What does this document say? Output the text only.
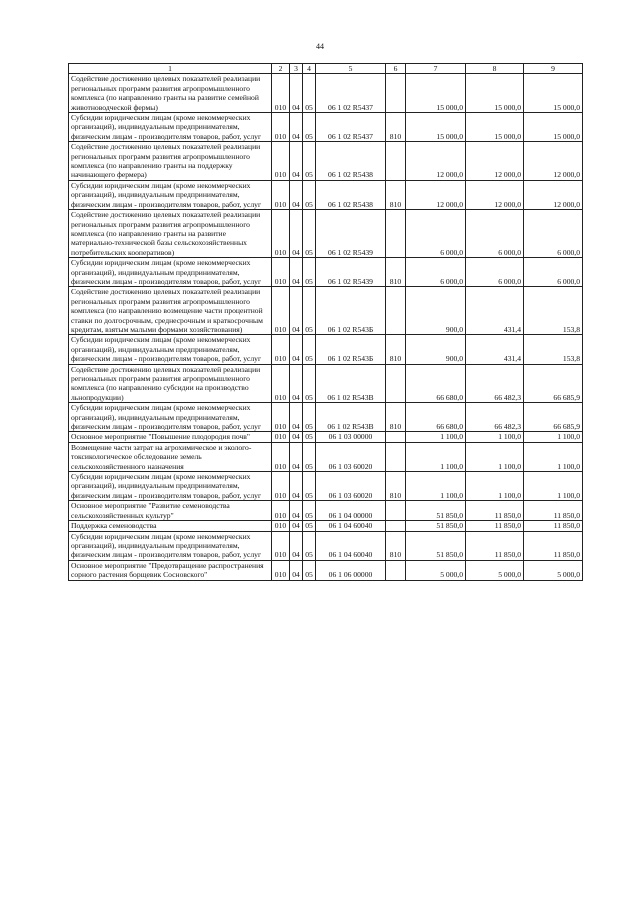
44
1	2	3	4	5	6	7	8	9
Содействие достижению целевых показателей реализации региональных программ развития агропромышленного комплекса (по направлению гранты на развитие семейной животноводческой фермы)	010	04	05	06 1 02 R5437		15 000,0	15 000,0	15 000,0
Субсидии юридическим лицам (кроме некоммерческих организаций), индивидуальным предпринимателям, физическим лицам - производителям товаров, работ, услуг	010	04	05	06 1 02 R5437	810	15 000,0	15 000,0	15 000,0
Содействие достижению целевых показателей реализации региональных программ развития агропромышленного комплекса (по направлению гранты на поддержку начинающего фермера)	010	04	05	06 1 02 R5438		12 000,0	12 000,0	12 000,0
Субсидии юридическим лицам (кроме некоммерческих организаций), индивидуальным предпринимателям, физическим лицам - производителям товаров, работ, услуг	010	04	05	06 1 02 R5438	810	12 000,0	12 000,0	12 000,0
Содействие достижению целевых показателей реализации региональных программ развития агропромышленного комплекса (по направлению гранты на развитие материально-технической базы сельскохозяйственных потребительских кооперативов)	010	04	05	06 1 02 R5439		6 000,0	6 000,0	6 000,0
Субсидии юридическим лицам (кроме некоммерческих организаций), индивидуальным предпринимателям, физическим лицам - производителям товаров, работ, услуг	010	04	05	06 1 02 R5439	810	6 000,0	6 000,0	6 000,0
Содействие достижению целевых показателей реализации региональных программ развития агропромышленного комплекса (по направлению возмещение части процентной ставки по долгосрочным, среднесрочным и краткосрочным кредитам, взятым малыми формами хозяйствования)	010	04	05	06 1 02 R543Б		900,0	431,4	153,8
Субсидии юридическим лицам (кроме некоммерческих организаций), индивидуальным предпринимателям, физическим лицам - производителям товаров, работ, услуг	010	04	05	06 1 02 R543Б	810	900,0	431,4	153,8
Содействие достижению целевых показателей реализации региональных программ развития агропромышленного комплекса (по направлению субсидии на производство льнопродукции)	010	04	05	06 1 02 R543В		66 680,0	66 482,3	66 685,9
Субсидии юридическим лицам (кроме некоммерческих организаций), индивидуальным предпринимателям, физическим лицам - производителям товаров, работ, услуг	010	04	05	06 1 02 R543В	810	66 680,0	66 482,3	66 685,9
Основное мероприятие "Повышение плодородия почв"	010	04	05	06 1 03 00000		1 100,0	1 100,0	1 100,0
Возмещение части затрат на агрохимическое и эколого-токсикологическое обследование земель сельскохозяйственного назначения	010	04	05	06 1 03 60020		1 100,0	1 100,0	1 100,0
Субсидии юридическим лицам (кроме некоммерческих организаций), индивидуальным предпринимателям, физическим лицам - производителям товаров, работ, услуг	010	04	05	06 1 03 60020	810	1 100,0	1 100,0	1 100,0
Основное мероприятие "Развитие семеноводства сельскохозяйственных культур"	010	04	05	06 1 04 00000		51 850,0	11 850,0	11 850,0
Поддержка семеноводства	010	04	05	06 1 04 60040		51 850,0	11 850,0	11 850,0
Субсидии юридическим лицам (кроме некоммерческих организаций), индивидуальным предпринимателям, физическим лицам - производителям товаров, работ, услуг	010	04	05	06 1 04 60040	810	51 850,0	11 850,0	11 850,0
Основное мероприятие "Предотвращение распространения сорного растения борщевик Сосновского"	010	04	05	06 1 06 00000		5 000,0	5 000,0	5 000,0
